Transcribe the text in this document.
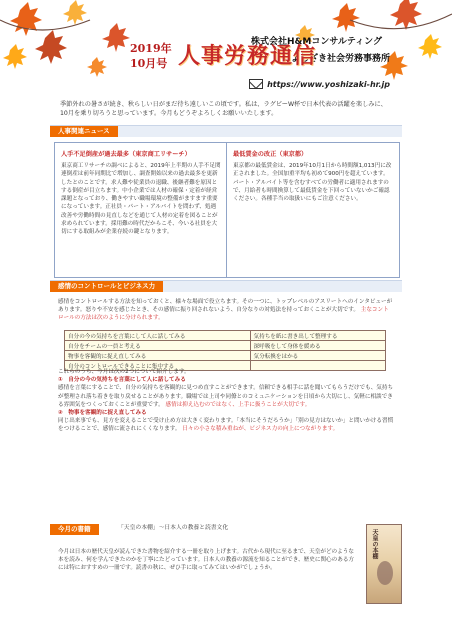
株式会社H&Mコンサルティング
よしざき社会労務事務所
2019年
10月号 人事労務通信
https://www.yoshizaki-hr.jp
季節外れの暑さが続き、秋らしい日がまだ待ち遠しいこの頃です。私は、ラグビーW杯で日本代表の活躍を楽しみに、10月を乗り切ろうと思っています。今月もどうぞよろしくお願いいたします。
人事関連ニュース
人手不足倒産が過去最多（東京商工リサーチ）
東京商工リサーチの調べによると、2019年上半期の人手不足関連倒産は前年同期比で増加し、調査開始以来の過去最多を更新したとのことです。求人難や従業員の退職、後継者難を原因とする倒産が目立ちます。中小企業では人材の確保・定着が経営課題となっており、働きやすい職場環境の整備がますます重要になっています。正社員・パート・アルバイトを問わず、処遇改善や労働時間の見直しなどを通じて人材の定着を図ることが求められています。採用難の時代だからこそ、今いる社員を大切にする取組みが企業存続の鍵となります。
最低賃金の改正（東京都）
東京都の最低賃金は、2019年10月1日から時間額1,013円に改正されました。全国加重平均も初めて900円を超えています。パート・アルバイト等を含むすべての労働者に適用されますので、月給者も時間換算して最低賃金を下回っていないかご確認ください。各種手当の取扱いにもご注意ください。
感情のコントロールとビジネス力
感情をコントロールする方法を知っておくと、様々な場面で役立ちます。その一つに、トップレベルのアスリートへのインタビューがあります。怒りや不安を感じたとき、その感情に振り回されないよう、自分なりの対処法を持っておくことが大切です。 主なコントロールの方法は次のように分けられます。
自分の今の気持ちを言葉にして人に話してみる	気持ちを紙に書き出して整理する
自分をチームの一員と考える	深呼吸をして身体を緩める
物事を客観的に捉え直してみる	気分転換をはかる
自分のコントロールできることに集中する	
これらのうち、今月は次の2つについて紹介します。
①　自分の今の気持ちを言葉にして人に話してみる
感情を言葉にすることで、自分の気持ちを客観的に見つめ直すことができます。信頼できる相手に話を聞いてもらうだけでも、気持ちが整理され落ち着きを取り戻せることがあります。職場では上司や同僚とのコミュニケーションを日頃から大切にし、気軽に相談できる雰囲気をつくっておくことが重要です。 感情は抑え込むのではなく、上手に扱うことが大切です。
②　物事を客観的に捉え直してみる
同じ出来事でも、見方を変えることで受け止め方は大きく変わります。「本当にそうだろうか」「別の見方はないか」と問いかける習慣をつけることで、感情に流されにくくなります。 日々の小さな積み重ねが、ビジネス力の向上につながります。
今月の書籍	「天皇の本棚」～日本人の教養と読書文化
今月は日本の歴代天皇が読んできた書物を紹介する一冊を取り上げます。古代から現代に至るまで、天皇がどのような本を読み、何を学んできたのかを丁寧にたどっています。日本人の教養の源流を知ることができ、歴史に関心のある方には特におすすめの一冊です。読書の秋に、ぜひ手に取ってみてはいかがでしょうか。
天皇の本棚
